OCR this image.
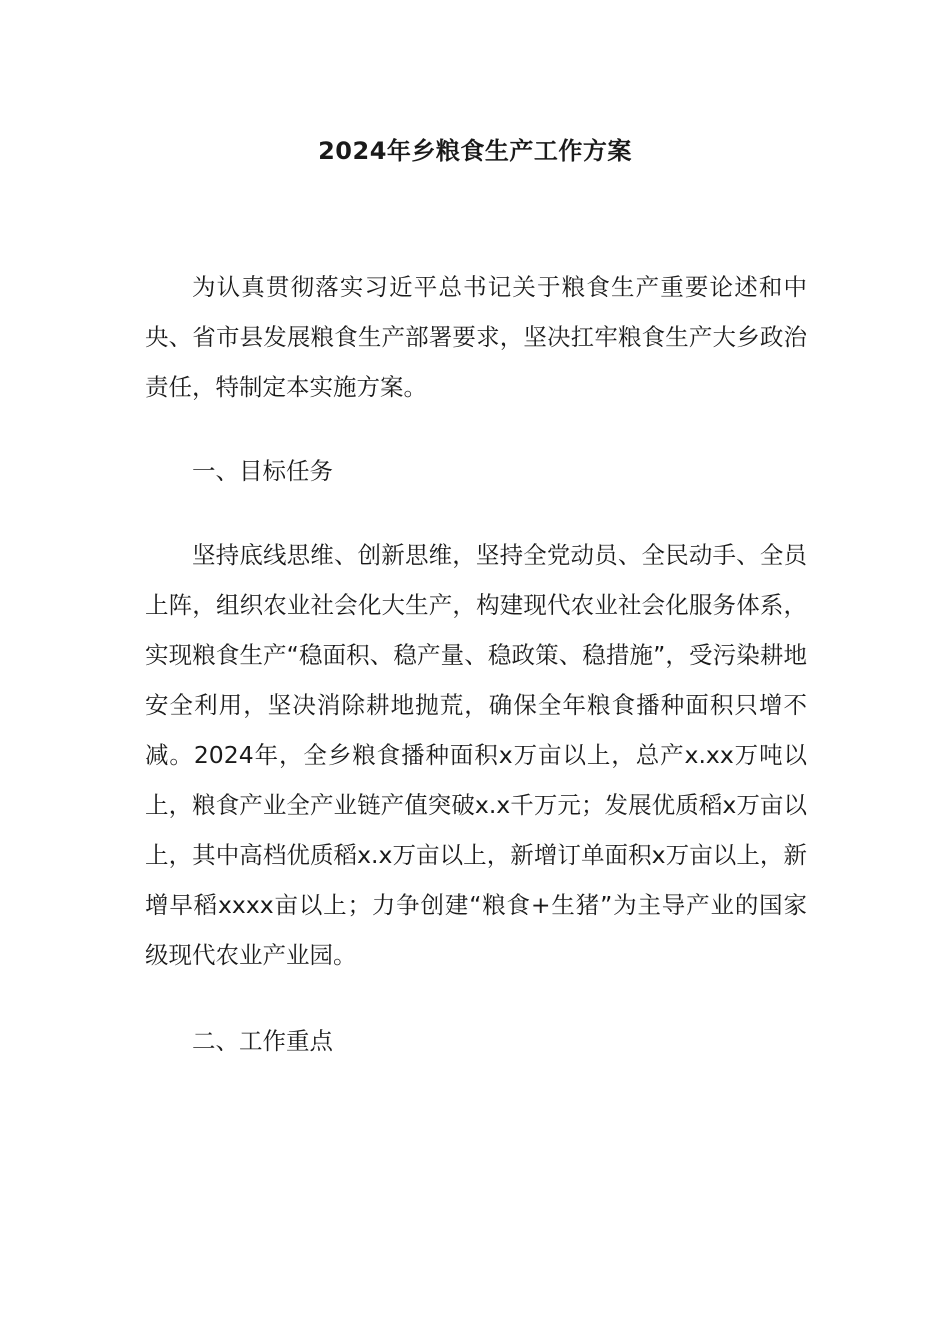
2024年乡粮食生产工作方案

为认真贯彻落实习近平总书记关于粮食生产重要论述和中央、省市县发展粮食生产部署要求，坚决扛牢粮食生产大乡政治责任，特制定本实施方案。

一、目标任务

坚持底线思维、创新思维，坚持全党动员、全民动手、全员上阵，组织农业社会化大生产，构建现代农业社会化服务体系，实现粮食生产“稳面积、稳产量、稳政策、稳措施”，受污染耕地安全利用，坚决消除耕地抛荒，确保全年粮食播种面积只增不减。2024年，全乡粮食播种面积x万亩以上，总产x.xx万吨以上，粮食产业全产业链产值突破x.x千万元；发展优质稻x万亩以上，其中高档优质稻x.x万亩以上，新增订单面积x万亩以上，新增早稻xxxx亩以上；力争创建“粮食+生猪”为主导产业的国家级现代农业产业园。

二、工作重点
